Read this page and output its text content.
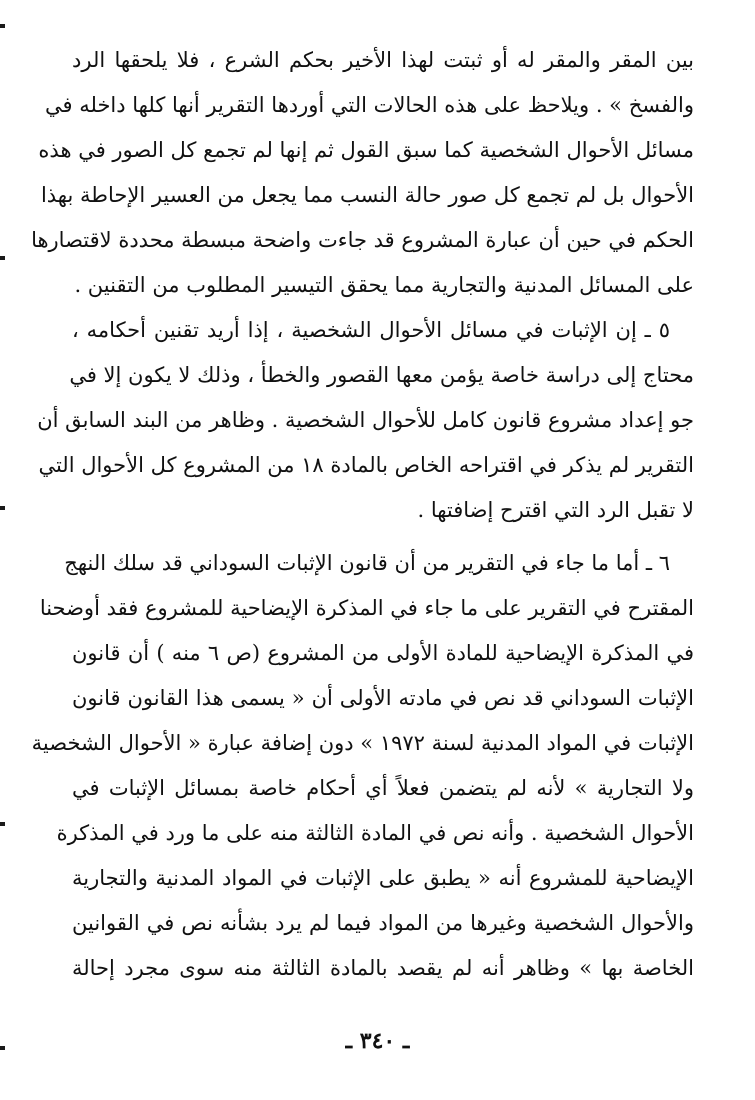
بين المقر والمقر له أو ثبتت لهذا الأخير بحكم الشرع ، فلا يلحقها الرد
والفسخ » . ويلاحظ على هذه الحالات التي أوردها التقرير أنها كلها داخله في
مسائل الأحوال الشخصية كما سبق القول ثم إنها لم تجمع كل الصور في هذه
الأحوال بل لم تجمع كل صور حالة النسب مما يجعل من العسير الإحاطة بهذا
الحكم في حين أن عبارة المشروع قد جاءت واضحة مبسطة محددة لاقتصارها
على المسائل المدنية والتجارية مما يحقق التيسير المطلوب من التقنين .
٥ ـ إن الإثبات في مسائل الأحوال الشخصية ، إذا أريد تقنين أحكامه ،
محتاج إلى دراسة خاصة يؤمن معها القصور والخطأ ، وذلك لا يكون إلا في
جو إعداد مشروع قانون كامل للأحوال الشخصية . وظاهر من البند السابق أن
التقرير لم يذكر في اقتراحه الخاص بالمادة ١٨ من المشروع كل الأحوال التي
لا تقبل الرد التي اقترح إضافتها .
٦ ـ أما ما جاء في التقرير من أن قانون الإثبات السوداني قد سلك النهج
المقترح في التقرير على ما جاء في المذكرة الإيضاحية للمشروع فقد أوضحنا
في المذكرة الإيضاحية للمادة الأولى من المشروع (ص ٦ منه ) أن قانون
الإثبات السوداني قد نص في مادته الأولى أن « يسمى هذا القانون قانون
الإثبات في المواد المدنية لسنة ١٩٧٢ » دون إضافة عبارة « الأحوال الشخصية
ولا التجارية » لأنه لم يتضمن فعلاً أي أحكام خاصة بمسائل الإثبات في
الأحوال الشخصية . وأنه نص في المادة الثالثة منه على ما ورد في المذكرة
الإيضاحية للمشروع أنه « يطبق على الإثبات في المواد المدنية والتجارية
والأحوال الشخصية وغيرها من المواد فيما لم يرد بشأنه نص في القوانين
الخاصة بها » وظاهر أنه لم يقصد بالمادة الثالثة منه سوى مجرد إحالة
ـ ٣٤٠ ـ
